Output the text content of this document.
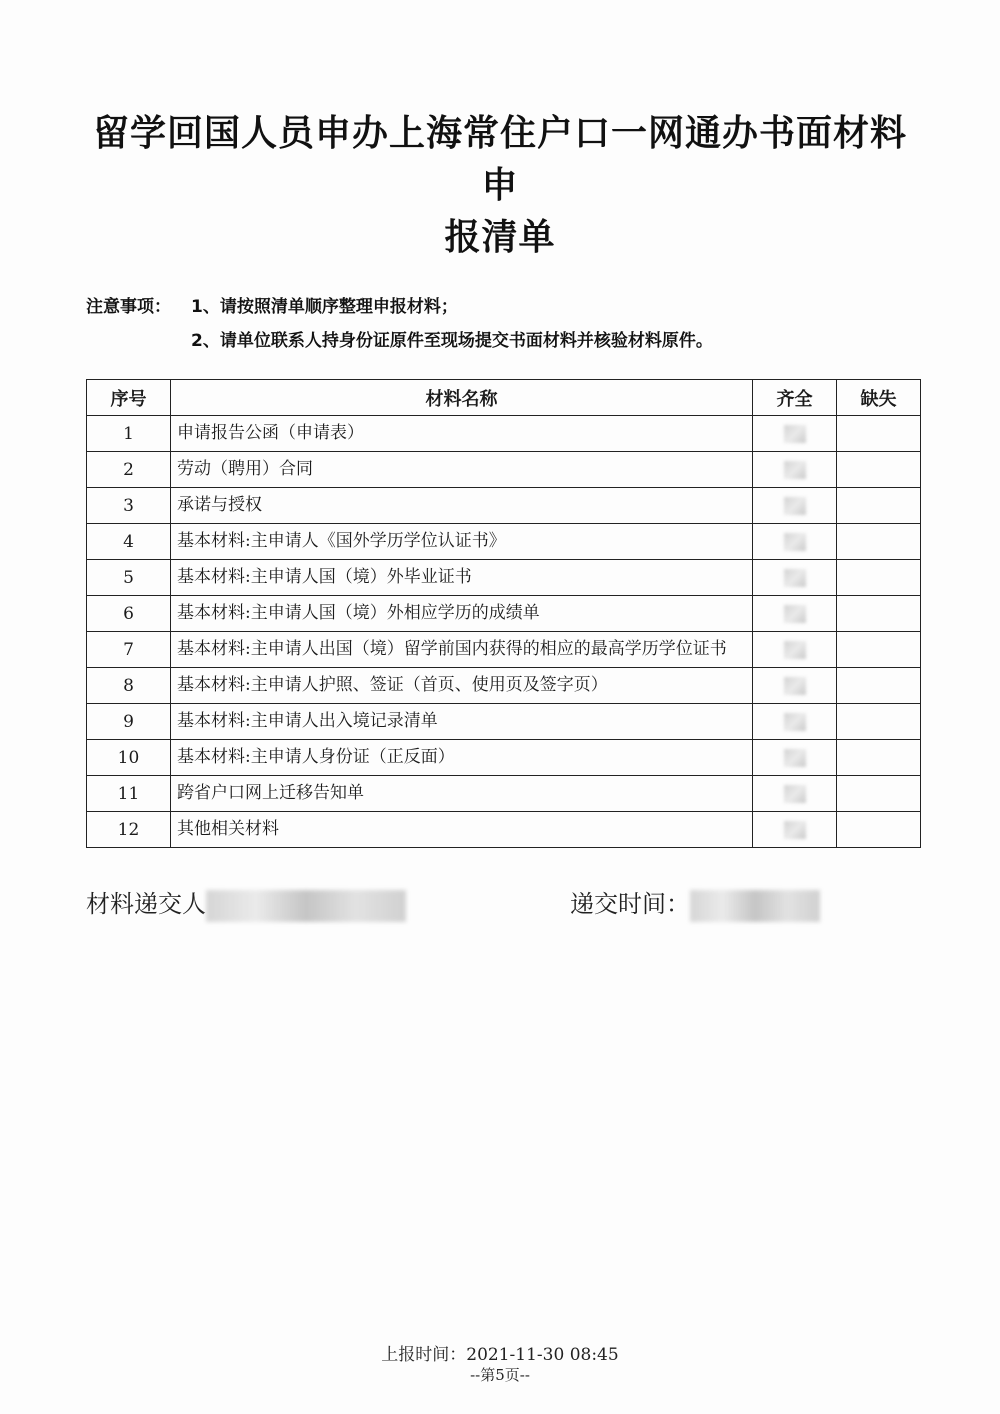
留学回国人员申办上海常住户口一网通办书面材料申
报清单
注意事项：	1、请按照清单顺序整理申报材料；
2、请单位联系人持身份证原件至现场提交书面材料并核验材料原件。
序号	材料名称	齐全	缺失
1	申请报告公函（申请表）		
2	劳动（聘用）合同		
3	承诺与授权		
4	基本材料:主申请人《国外学历学位认证书》		
5	基本材料:主申请人国（境）外毕业证书		
6	基本材料:主申请人国（境）外相应学历的成绩单		
7	基本材料:主申请人出国（境）留学前国内获得的相应的最高学历学位证书		
8	基本材料:主申请人护照、签证（首页、使用页及签字页）		
9	基本材料:主申请人出入境记录清单		
10	基本材料:主申请人身份证（正反面）		
11	跨省户口网上迁移告知单		
12	其他相关材料		
材料递交人	递交时间：
上报时间：2021-11-30 08:45
--第5页--
